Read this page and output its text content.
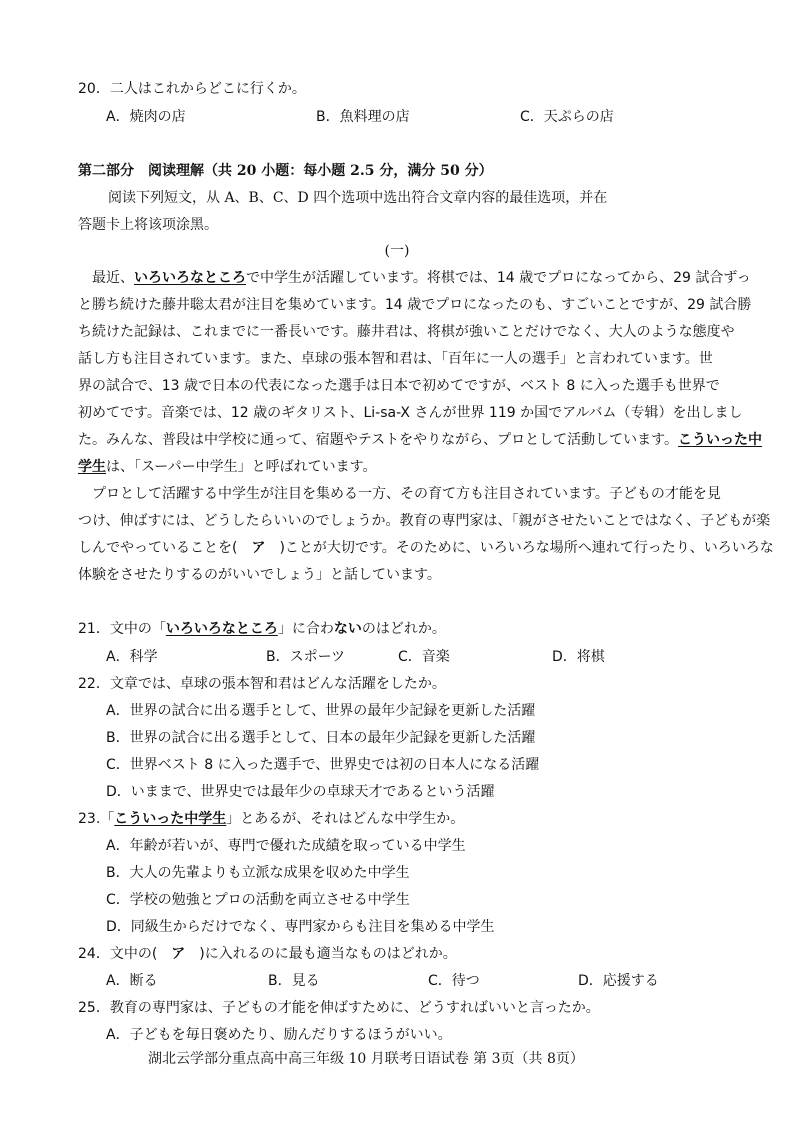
20．二人はこれからどこに行くか。
A．焼肉の店	B．魚料理の店	C．天ぷらの店
第二部分　阅读理解（共 20 小题：每小题 2.5 分，满分 50 分）
阅读下列短文，从 A、B、C、D 四个选项中选出符合文章内容的最佳选项，并在
答题卡上将该项涂黑。
(一)
最近、いろいろなところで中学生が活躍しています。将棋では、14 歳でプロになってから、29 試合ずっ
と勝ち続けた藤井聡太君が注目を集めています。14 歳でプロになったのも、すごいことですが、29 試合勝
ち続けた記録は、これまでに一番長いです。藤井君は、将棋が強いことだけでなく、大人のような態度や
話し方も注目されています。また、卓球の張本智和君は、「百年に一人の選手」と言われています。世
界の試合で、13 歳で日本の代表になった選手は日本で初めてですが、ベスト 8 に入った選手も世界で
初めてです。音楽では、12 歳のギタリスト、Li-sa-X さんが世界 119 か国でアルバム（专辑）を出しまし
た。みんな、普段は中学校に通って、宿題やテストをやりながら、プロとして活動しています。こういった中
学生は、「スーパー中学生」と呼ばれています。
プロとして活躍する中学生が注目を集める一方、その育て方も注目されています。子どもの才能を見
つけ、伸ばすには、どうしたらいいのでしょうか。教育の専門家は、「親がさせたいことではなく、子どもが楽
しんでやっていることを(　ア　)ことが大切です。そのために、いろいろな場所へ連れて行ったり、いろいろな
体験をさせたりするのがいいでしょう」と話しています。
21．文中の「いろいろなところ」に合わないのはどれか。
A．科学	B．スポーツ	C．音楽	D．将棋
22．文章では、卓球の張本智和君はどんな活躍をしたか。
A．世界の試合に出る選手として、世界の最年少記録を更新した活躍
B．世界の試合に出る選手として、日本の最年少記録を更新した活躍
C．世界ベスト 8 に入った選手で、世界史では初の日本人になる活躍
D．いままで、世界史では最年少の卓球天才であるという活躍
23.「こういった中学生」とあるが、それはどんな中学生か。
A．年齢が若いが、専門で優れた成績を取っている中学生
B．大人の先輩よりも立派な成果を収めた中学生
C．学校の勉強とプロの活動を両立させる中学生
D．同級生からだけでなく、専門家からも注目を集める中学生
24．文中の(　ア　)に入れるのに最も適当なものはどれか。
A．断る	B．見る	C．待つ	D．応援する
25．教育の専門家は、子どもの才能を伸ばすために、どうすればいいと言ったか。
A．子どもを毎日褒めたり、励んだりするほうがいい。
湖北云学部分重点高中高三年级 10 月联考日语试卷 第 3页（共 8页）
